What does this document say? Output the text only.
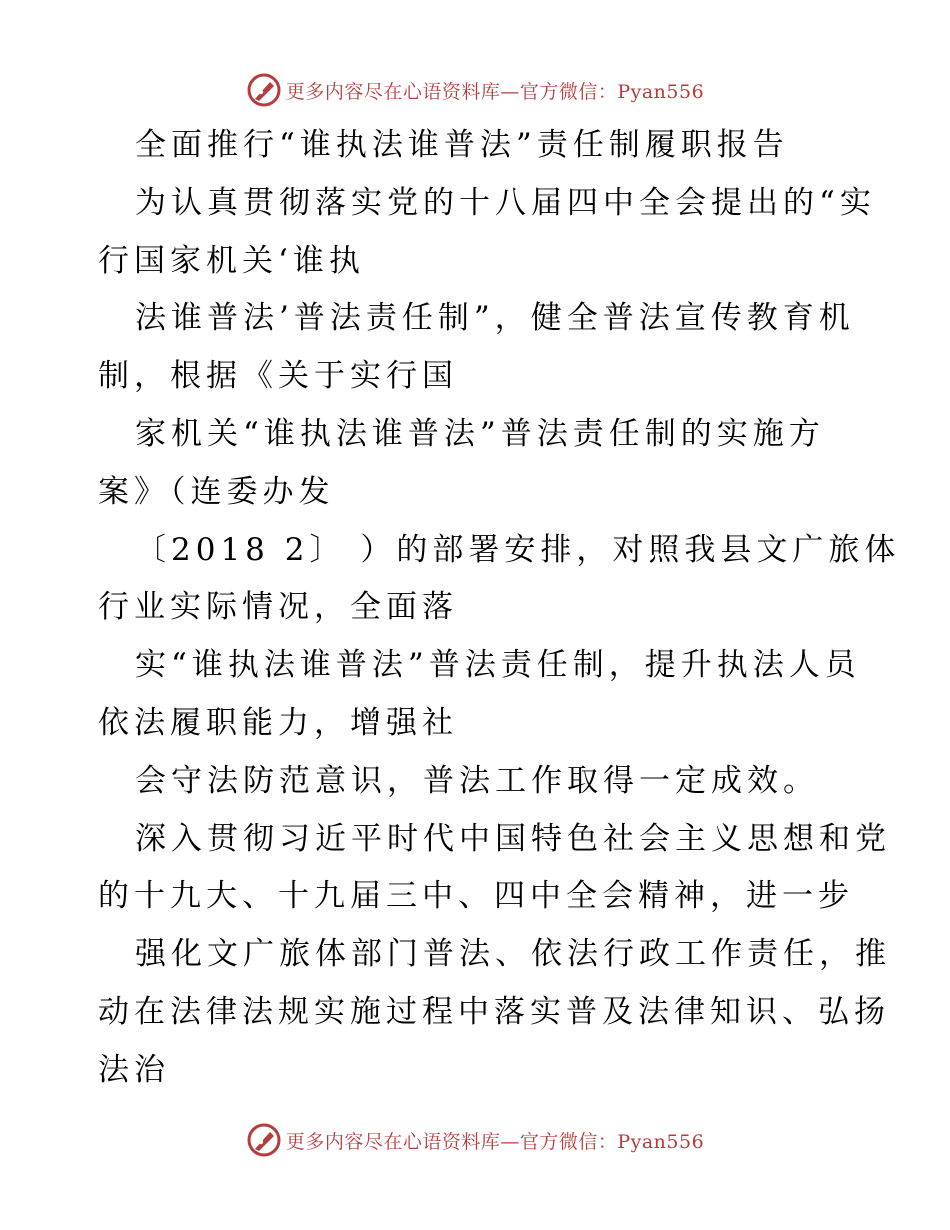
更多内容尽在心语资料库—官方微信：Pyan556
全面推行“谁执法谁普法”责任制履职报告
为认真贯彻落实党的十八届四中全会提出的“实
行国家机关‘谁执
法谁普法’普法责任制”，健全普法宣传教育机
制，根据《关于实行国
家机关“谁执法谁普法”普法责任制的实施方
案》（连委办发
〔2018 2〕 ）的部署安排，对照我县文广旅体
行业实际情况，全面落
实“谁执法谁普法”普法责任制，提升执法人员
依法履职能力，增强社
会守法防范意识，普法工作取得一定成效。
深入贯彻习近平时代中国特色社会主义思想和党
的十九大、十九届三中、四中全会精神，进一步
强化文广旅体部门普法、依法行政工作责任，推
动在法律法规实施过程中落实普及法律知识、弘扬
法治
更多内容尽在心语资料库—官方微信：Pyan556
